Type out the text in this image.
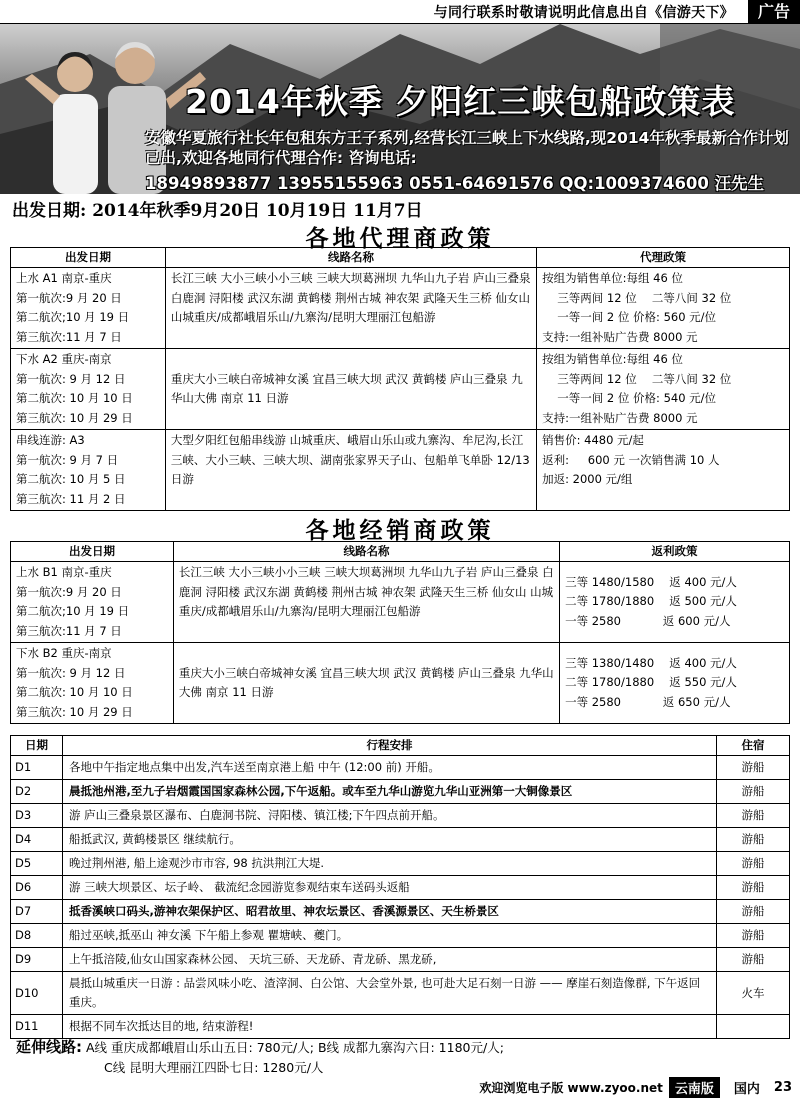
与同行联系时敬请说明此信息出自《信游天下》	广告
2014年秋季 夕阳红三峡包船政策表
安徽华夏旅行社长年包租东方王子系列,经营长江三峡上下水线路,现2014年秋季最新合作计划已出,欢迎各地同行代理合作: 咨询电话:
18949893877 13955155963 0551-64691576 QQ:1009374600 汪先生
出发日期: 2014年秋季9月20日 10月19日 11月7日
各地代理商政策
出发日期	线路名称	代理政策

上水 A1 南京-重庆
第一航次:9 月 20 日
第二航次;10 月 19 日
第三航次:11 月 7 日	长江三峡 大小三峡小小三峡 三峡大坝葛洲坝 九华山九子岩 庐山三叠泉 白鹿洞 浔阳楼 武汉东湖 黄鹤楼 荆州古城 神农架 武隆天生三桥 仙女山 山城重庆/成都峨眉乐山/九寨沟/昆明大理丽江包船游	按组为销售单位:每组 46 位
　 三等两间 12 位　 二等八间 32 位
　 一等一间 2 位 价格: 560 元/位
支持:一组补贴广告费 8000 元

下水 A2 重庆-南京
第一航次: 9 月 12 日
第二航次: 10 月 10 日
第三航次: 10 月 29 日	重庆大小三峡白帝城神女溪 宜昌三峡大坝 武汉 黄鹤楼 庐山三叠泉 九华山大佛 南京 11 日游	按组为销售单位:每组 46 位
　 三等两间 12 位　 二等八间 32 位
　 一等一间 2 位 价格: 540 元/位
支持:一组补贴广告费 8000 元

串线连游: A3
第一航次: 9 月 7 日
第二航次: 10 月 5 日
第三航次: 11 月 2 日	大型夕阳红包船串线游 山城重庆、峨眉山乐山或九寨沟、牟尼沟,长江三峡、大小三峡、三峡大坝、湖南张家界天子山、包船单飞单卧 12/13 日游	销售价: 4480 元/起
返利: 　 600 元 一次销售满 10 人
加返: 2000 元/组
各地经销商政策
出发日期	线路名称	返利政策

上水 B1 南京-重庆
第一航次:9 月 20 日
第二航次;10 月 19 日
第三航次:11 月 7 日	长江三峡 大小三峡小小三峡 三峡大坝葛洲坝 九华山九子岩 庐山三叠泉 白鹿洞 浔阳楼 武汉东湖 黄鹤楼 荆州古城 神农架 武隆天生三桥 仙女山 山城重庆/成都峨眉乐山/九寨沟/昆明大理丽江包船游	三等 1480/1580 　返 400 元/人
二等 1780/1880 　返 500 元/人
一等 2580 　　　 返 600 元/人

下水 B2 重庆-南京
第一航次: 9 月 12 日
第二航次: 10 月 10 日
第三航次: 10 月 29 日	重庆大小三峡白帝城神女溪 宜昌三峡大坝 武汉 黄鹤楼 庐山三叠泉 九华山大佛 南京 11 日游	三等 1380/1480 　返 400 元/人
二等 1780/1880 　返 550 元/人
一等 2580 　　　 返 650 元/人
日期	行程安排	住宿
D1	各地中午指定地点集中出发,汽车送至南京港上船 中午 (12:00 前) 开船。	游船
D2	晨抵池州港,至九子岩烟霞国国家森林公园,下午返船。或车至九华山游览九华山亚洲第一大铜像景区	游船
D3	游 庐山三叠泉景区瀑布、白鹿洞书院、浔阳楼、镇江楼;下午四点前开船。	游船
D4	船抵武汉, 黄鹤楼景区 继续航行。	游船
D5	晚过荆州港, 船上途观沙市市容, 98 抗洪荆江大堤.	游船
D6	游 三峡大坝景区、坛子岭、 截流纪念园游览参观结束车送码头返船	游船
D7	抵香溪峡口码头,游神农架保护区、昭君故里、神农坛景区、香溪源景区、天生桥景区	游船
D8	船过巫峡,抵巫山 神女溪 下午船上参观 瞿塘峡、夔门。	游船
D9	上午抵涪陵,仙女山国家森林公园、 天坑三硚、天龙硚、青龙硚、黑龙硚,	游船
D10	晨抵山城重庆一日游 : 品尝风味小吃、渣滓洞、白公馆、大会堂外景, 也可赴大足石刻一日游 —— 摩崖石刻造像群, 下午返回重庆。	火车
D11	根据不同车次抵达目的地, 结束游程!	
延伸线路: A线 重庆成都峨眉山乐山五日: 780元/人; B线 成都九寨沟六日: 1180元/人;
C线 昆明大理丽江四卧七日: 1280元/人
欢迎浏览电子版 www.zyoo.net 云南版	国内 23
